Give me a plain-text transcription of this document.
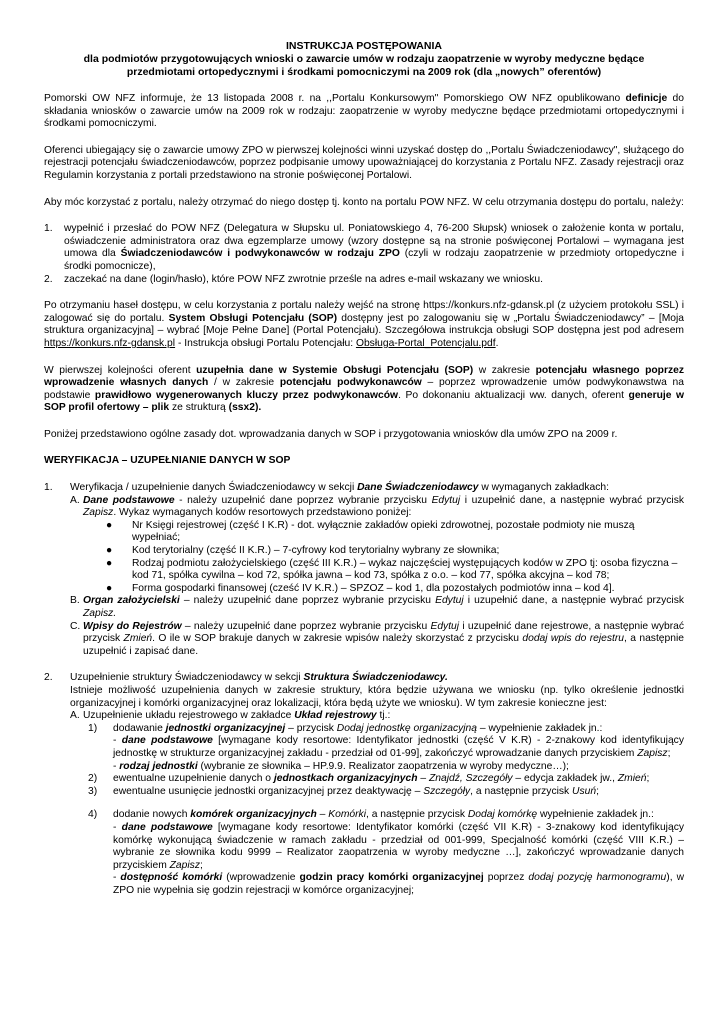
INSTRUKCJA POSTĘPOWANIA
dla podmiotów przygotowujących wnioski o zawarcie umów w rodzaju zaopatrzenie w wyroby medyczne będące
przedmiotami ortopedycznymi i środkami pomocniczymi na 2009 rok (dla „nowych” oferentów)

Pomorski OW NFZ informuje, że 13 listopada 2008 r. na ,,Portalu Konkursowym" Pomorskiego OW NFZ opublikowano definicje do składania wniosków o zawarcie umów na 2009 rok w rodzaju: zaopatrzenie w wyroby medyczne będące przedmiotami ortopedycznymi i środkami pomocniczymi.

Oferenci ubiegający się o zawarcie umowy ZPO w pierwszej kolejności winni uzyskać dostęp do ,,Portalu Świadczeniodawcy", służącego do rejestracji potencjału świadczeniodawców, poprzez podpisanie umowy upoważniającej do korzystania z Portalu NFZ. Zasady rejestracji oraz Regulamin korzystania z portali przedstawiono na stronie poświęconej Portalowi.

Aby móc korzystać z portalu, należy otrzymać do niego dostęp tj. konto na portalu POW NFZ. W celu otrzymania dostępu do portalu, należy:

1.	wypełnić i przesłać do POW NFZ (Delegatura w Słupsku ul. Poniatowskiego 4, 76-200 Słupsk) wniosek o założenie konta w portalu, oświadczenie administratora oraz dwa egzemplarze umowy (wzory dostępne są na stronie poświęconej Portalowi – wymagana jest umowa dla Świadczeniodawców i podwykonawców w rodzaju ZPO (czyli w rodzaju zaopatrzenie w przedmioty ortopedyczne i środki pomocnicze),
2.	zaczekać na dane (login/hasło), które POW NFZ zwrotnie prześle na adres e-mail wskazany we wniosku.

Po otrzymaniu haseł dostępu, w celu korzystania z portalu należy wejść na stronę https://konkurs.nfz-gdansk.pl (z użyciem protokołu SSL) i zalogować się do portalu. System Obsługi Potencjału (SOP) dostępny jest po zalogowaniu się w „Portalu Świadczeniodawcy” – [Moja struktura organizacyjna] – wybrać [Moje Pełne Dane] (Portal Potencjału). Szczegółowa instrukcja obsługi SOP dostępna jest pod adresem https://konkurs.nfz-gdansk.pl - Instrukcja obsługi Portalu Potencjału: Obsługa-Portal_Potencjalu.pdf.

W pierwszej kolejności oferent uzupełnia dane w Systemie Obsługi Potencjału (SOP) w zakresie potencjału własnego poprzez wprowadzenie własnych danych / w zakresie potencjału podwykonawców – poprzez wprowadzenie umów podwykonawstwa na podstawie prawidłowo wygenerowanych kluczy przez podwykonawców. Po dokonaniu aktualizacji ww. danych, oferent generuje w SOP profil ofertowy – plik ze strukturą (ssx2).

Poniżej przedstawiono ogólne zasady dot. wprowadzania danych w SOP i przygotowania wniosków dla umów ZPO na 2009 r.

WERYFIKACJA – UZUPEŁNIANIE DANYCH W SOP

1.	Weryfikacja / uzupełnienie danych Świadczeniodawcy w sekcji Dane Świadczeniodawcy w wymaganych zakładkach:
A. Dane podstawowe - należy uzupełnić dane poprzez wybranie przycisku Edytuj i uzupełnić dane, a następnie wybrać przycisk Zapisz. Wykaz wymaganych kodów resortowych przedstawiono poniżej:
●	Nr Księgi rejestrowej (część I K.R) - dot. wyłącznie zakładów opieki zdrowotnej, pozostałe podmioty nie muszą wypełniać;
●	Kod terytorialny (część II K.R.) – 7-cyfrowy kod terytorialny wybrany ze słownika;
●	Rodzaj podmiotu założycielskiego (część III K.R.) – wykaz najczęściej występujących kodów w ZPO tj: osoba fizyczna – kod 71, spółka cywilna – kod 72, spółka jawna – kod 73, spółka z o.o. – kod 77, spółka akcyjna – kod 78;
●	Forma gospodarki finansowej (cześć IV K.R.) – SPZOZ – kod 1, dla pozostałych podmiotów inna – kod 4].
B. Organ założycielski – należy uzupełnić dane poprzez wybranie przycisku Edytuj i uzupełnić dane, a następnie wybrać przycisk Zapisz.
C. Wpisy do Rejestrów – należy uzupełnić dane poprzez wybranie przycisku Edytuj i uzupełnić dane rejestrowe, a następnie wybrać przycisk Zmień. O ile w SOP brakuje danych w zakresie wpisów należy skorzystać z przycisku dodaj wpis do rejestru, a następnie uzupełnić i zapisać dane.
2.	Uzupełnienie struktury Świadczeniodawcy w sekcji Struktura Świadczeniodawcy.
Istnieje możliwość uzupełnienia danych w zakresie struktury, która będzie używana we wniosku (np. tylko określenie jednostki organizacyjnej i komórki organizacyjnej oraz lokalizacji, która będą użyte we wniosku). W tym zakresie konieczne jest:
A. Uzupełnienie układu rejestrowego w zakładce Układ rejestrowy tj.:
1)	dodawanie jednostki organizacyjnej – przycisk Dodaj jednostkę organizacyjną – wypełnienie zakładek jn.:
- dane podstawowe [wymagane kody resortowe: Identyfikator jednostki (część V K.R) - 2-znakowy kod identyfikujący jednostkę w strukturze organizacyjnej zakładu - przedział od 01-99], zakończyć wprowadzanie danych przyciskiem Zapisz;
- rodzaj jednostki (wybranie ze słownika – HP.9.9. Realizator zaopatrzenia w wyroby medyczne…);
2)	ewentualne uzupełnienie danych o jednostkach organizacyjnych – Znajdź, Szczegóły – edycja zakładek jw., Zmień;
3)	ewentualne usunięcie jednostki organizacyjnej przez deaktywację – Szczegóły, a następnie przycisk Usuń;
4)	dodanie nowych komórek organizacyjnych – Komórki, a następnie przycisk Dodaj komórkę wypełnienie zakładek jn.:
- dane podstawowe [wymagane kody resortowe: Identyfikator komórki (część VII K.R) - 3-znakowy kod identyfikujący komórkę wykonującą świadczenie w ramach zakładu - przedział od 001-999, Specjalność komórki (część VIII K.R.) – wybranie ze słownika kodu 9999 – Realizator zaopatrzenia w wyroby medyczne …], zakończyć wprowadzanie danych przyciskiem Zapisz;
- dostępność komórki (wprowadzenie godzin pracy komórki organizacyjnej poprzez dodaj pozycję harmonogramu), w ZPO nie wypełnia się godzin rejestracji w komórce organizacyjnej;
